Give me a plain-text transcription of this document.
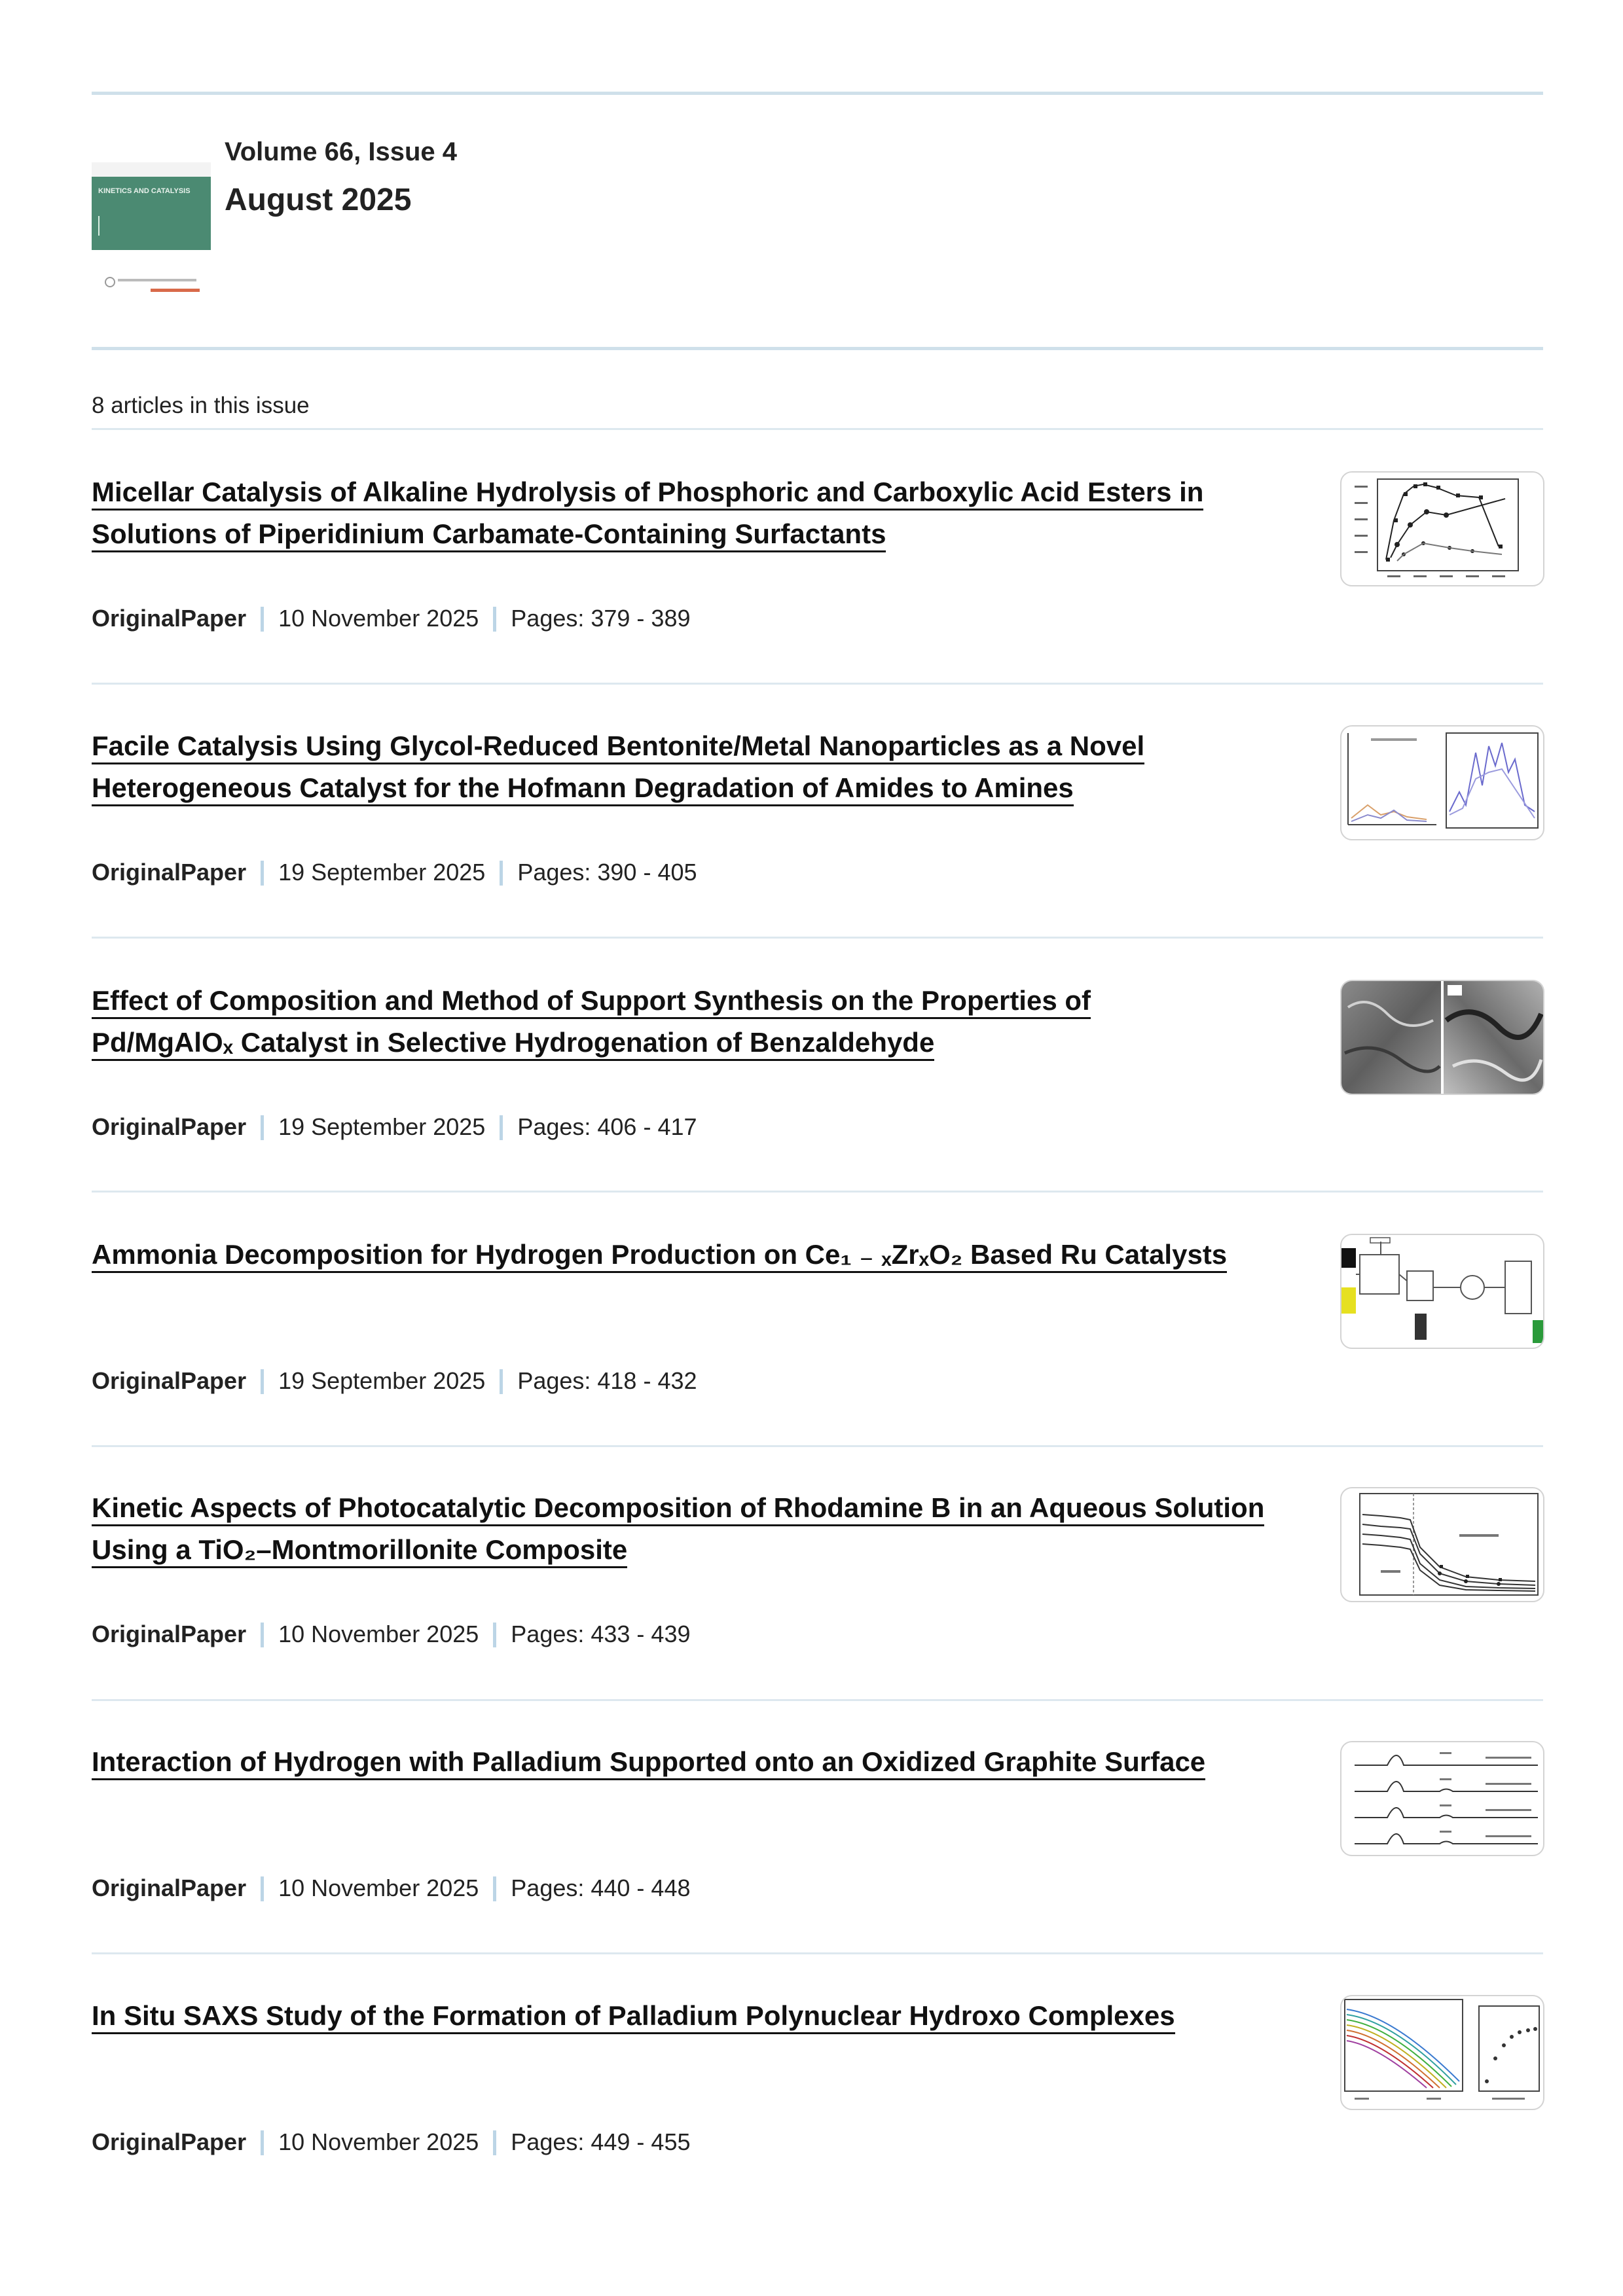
KINETICS AND CATALYSIS
Volume 66, Issue 4
August 2025
8 articles in this issue
Micellar Catalysis of Alkaline Hydrolysis of Phosphoric and Carboxylic Acid Esters in
Solutions of Piperidinium Carbamate-Containing Surfactants
OriginalPaper 10 November 2025 Pages: 379 - 389
Facile Catalysis Using Glycol-Reduced Bentonite/Metal Nanoparticles as a Novel
Heterogeneous Catalyst for the Hofmann Degradation of Amides to Amines
OriginalPaper 19 September 2025 Pages: 390 - 405
Effect of Composition and Method of Support Synthesis on the Properties of
Pd/MgAlOₓ Catalyst in Selective Hydrogenation of Benzaldehyde
OriginalPaper 19 September 2025 Pages: 406 - 417
Ammonia Decomposition for Hydrogen Production on Ce₁ ₋ ₓZrₓO₂ Based Ru Catalysts
OriginalPaper 19 September 2025 Pages: 418 - 432
Kinetic Aspects of Photocatalytic Decomposition of Rhodamine B in an Aqueous Solution
Using a TiO₂–Montmorillonite Composite
OriginalPaper 10 November 2025 Pages: 433 - 439
Interaction of Hydrogen with Palladium Supported onto an Oxidized Graphite Surface
OriginalPaper 10 November 2025 Pages: 440 - 448
In Situ SAXS Study of the Formation of Palladium Polynuclear Hydroxo Complexes
OriginalPaper 10 November 2025 Pages: 449 - 455
